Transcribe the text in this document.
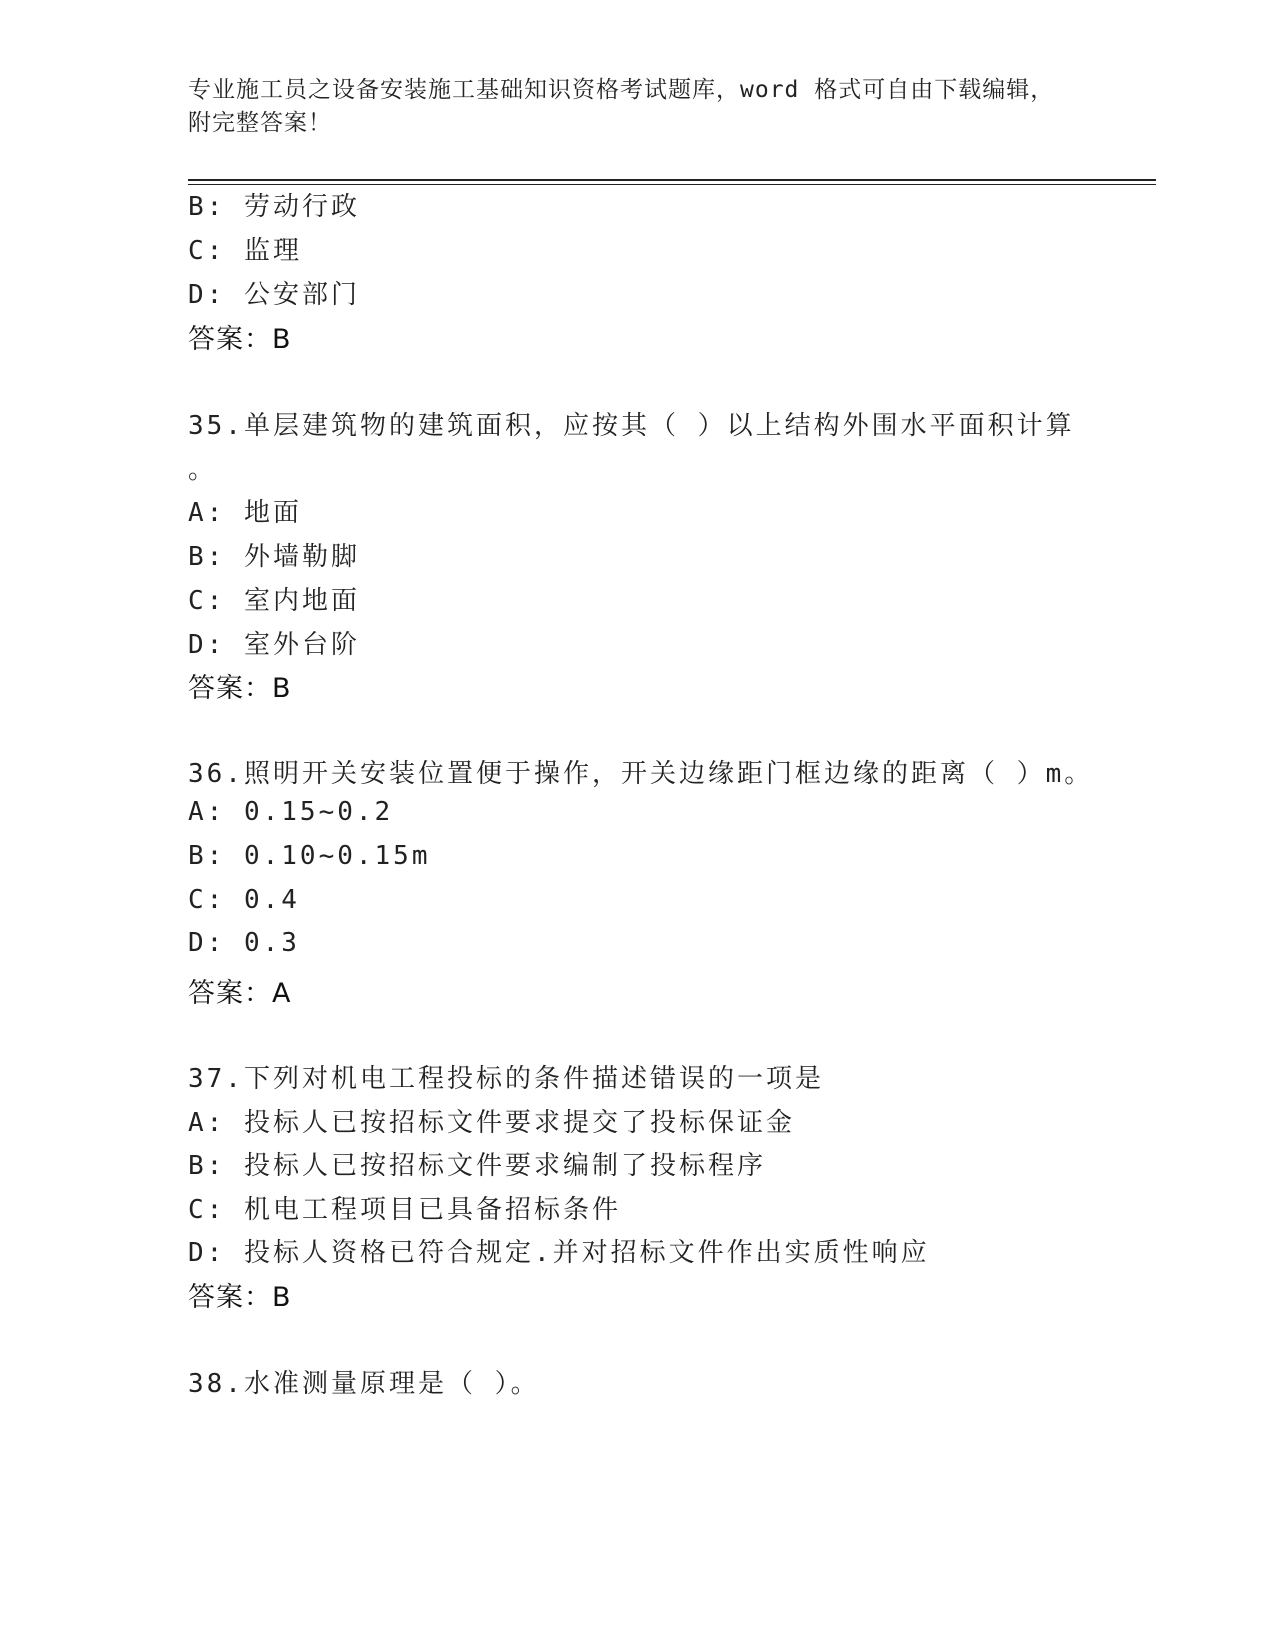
专业施工员之设备安装施工基础知识资格考试题库，word 格式可自由下载编辑，
附完整答案！
B: 劳动行政
C: 监理
D: 公安部门
答案：B
35.单层建筑物的建筑面积，应按其（ ）以上结构外围水平面积计算
。
A: 地面
B: 外墙勒脚
C: 室内地面
D: 室外台阶
答案：B
36.照明开关安装位置便于操作，开关边缘距门框边缘的距离（ ）m。
A: 0.15~0.2
B: 0.10~0.15m
C: 0.4
D: 0.3
答案：A
37.下列对机电工程投标的条件描述错误的一项是
A: 投标人已按招标文件要求提交了投标保证金
B: 投标人已按招标文件要求编制了投标程序
C: 机电工程项目已具备招标条件
D: 投标人资格已符合规定.并对招标文件作出实质性响应
答案：B
38.水准测量原理是（ ）。
